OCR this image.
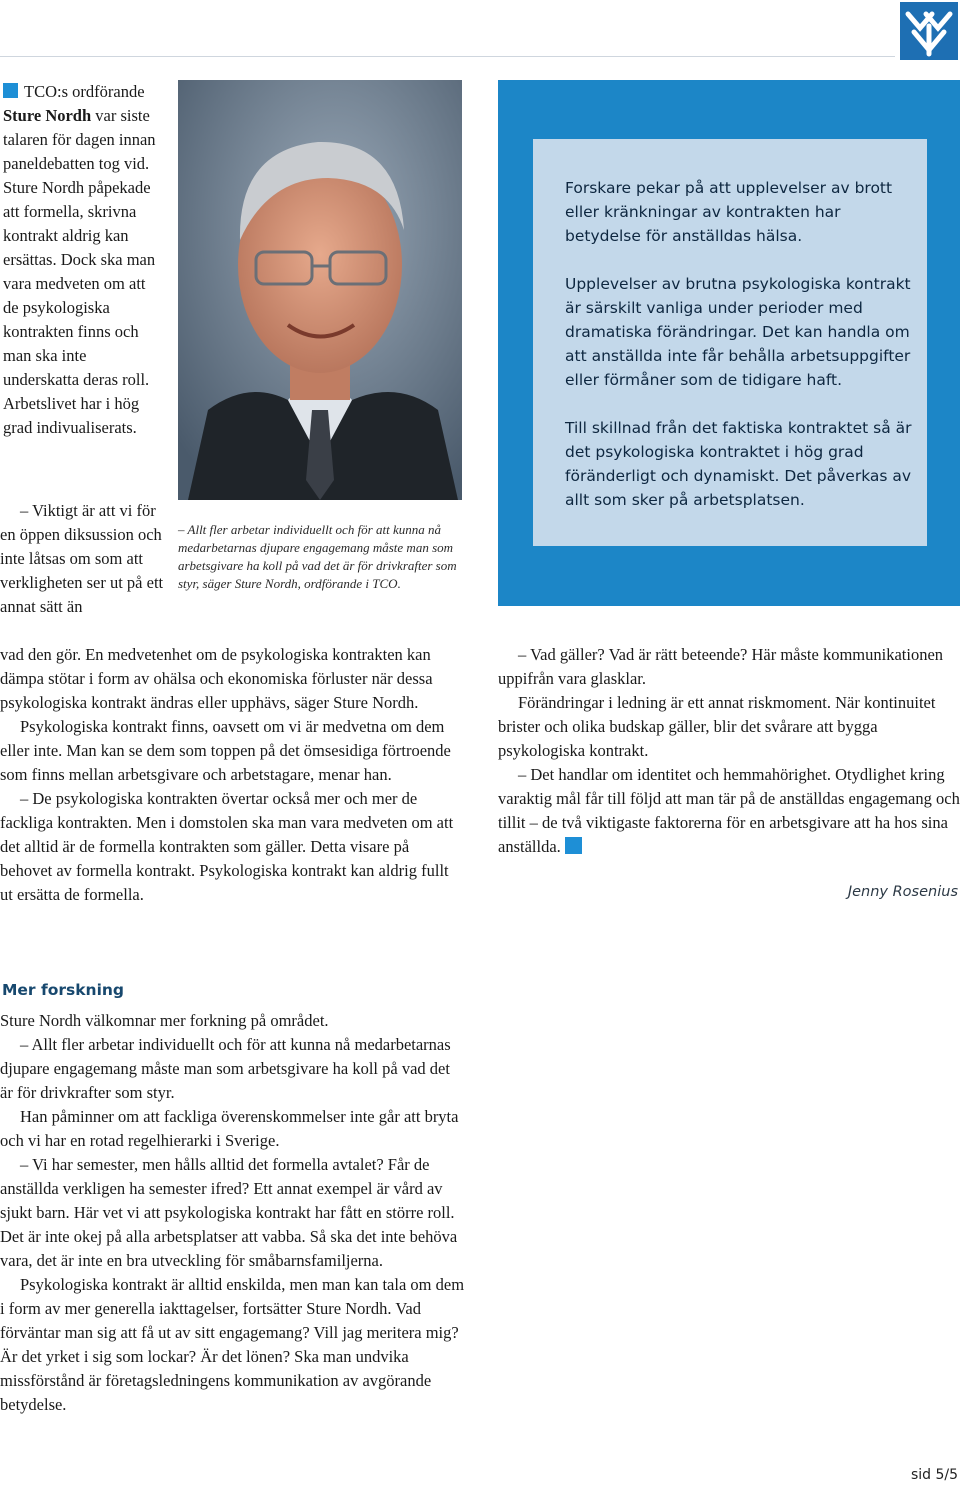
TCO:s ordförande Sture Nordh var siste talaren för dagen innan paneldebatten tog vid. Sture Nordh påpekade att formella, skrivna kontrakt aldrig kan ersättas. Dock ska man vara medveten om att de psykologiska kontrakten finns och man ska inte underskatta deras roll. Arbetslivet har i hög grad indivualiserats.

– Allt fler arbetar individuellt och för att kunna nå medarbetarnas djupare engagemang måste man som arbetsgivare ha koll på vad det är för drivkrafter som styr, säger Sture Nordh, ordförande i TCO.
– Viktigt är att vi för en öppen diksussion och inte låtsas om som att verkligheten ser ut på ett annat sätt än

vad den gör. En medvetenhet om de psykologiska kontrakten kan dämpa stötar i form av ohälsa och ekonomiska förluster när dessa psykologiska kontrakt ändras eller upphävs, säger Sture Nordh.

Psykologiska kontrakt finns, oavsett om vi är medvetna om dem eller inte. Man kan se dem som toppen på det ömsesidiga förtroende som finns mellan arbetsgivare och arbetstagare, menar han.

– De psykologiska kontrakten övertar också mer och mer de fackliga kontrakten. Men i domstolen ska man vara medveten om att det alltid är de formella kontrakten som gäller. Detta visare på behovet av formella kontrakt. Psykologiska kontrakt kan aldrig fullt ut ersätta de formella.

Mer forskning

Sture Nordh välkomnar mer forkning på området.

– Allt fler arbetar individuellt och för att kunna nå medarbetarnas djupare engagemang måste man som arbetsgivare ha koll på vad det är för drivkrafter som styr.

Han påminner om att fackliga överenskommelser inte går att bryta och vi har en rotad regelhierarki i Sverige.

– Vi har semester, men hålls alltid det formella avtalet? Får de anställda verkligen ha semester ifred? Ett annat exempel är vård av sjukt barn. Här vet vi att psykologiska kontrakt har fått en större roll. Det är inte okej på alla arbetsplatser att vabba. Så ska det inte behöva vara, det är inte en bra utveckling för småbarnsfamiljerna.

Psykologiska kontrakt är alltid enskilda, men man kan tala om dem i form av mer generella iakttagelser, fortsätter Sture Nordh. Vad förväntar man sig att få ut av sitt engagemang? Vill jag meritera mig? Är det yrket i sig som lockar? Är det lönen? Ska man undvika missförstånd är företagsledningens kommunikation av avgörande betydelse.

Forskare pekar på att upplevelser av brott eller kränkningar av kontrakten har betydelse för anställdas hälsa.

Upplevelser av brutna psykologiska kontrakt är särskilt vanliga under perioder med dramatiska förändringar. Det kan handla om att anställda inte får behålla arbetsuppgifter eller förmåner som de tidigare haft.

Till skillnad från det faktiska kontraktet så är det psykologiska kontraktet i hög grad föränderligt och dynamiskt. Det påverkas av allt som sker på arbetsplatsen.

– Vad gäller? Vad är rätt beteende? Här måste kommunikationen uppifrån vara glasklar.

Förändringar i ledning är ett annat riskmoment. När kontinuitet brister och olika budskap gäller, blir det svårare att bygga psykologiska kontrakt.

– Det handlar om identitet och hemmahörighet. Otydlighet kring varaktig mål får till följd att man tär på de anställdas engagemang och tillit – de två viktigaste faktorerna för en arbetsgivare att ha hos sina anställda.

Jenny Rosenius
sid 5/5
